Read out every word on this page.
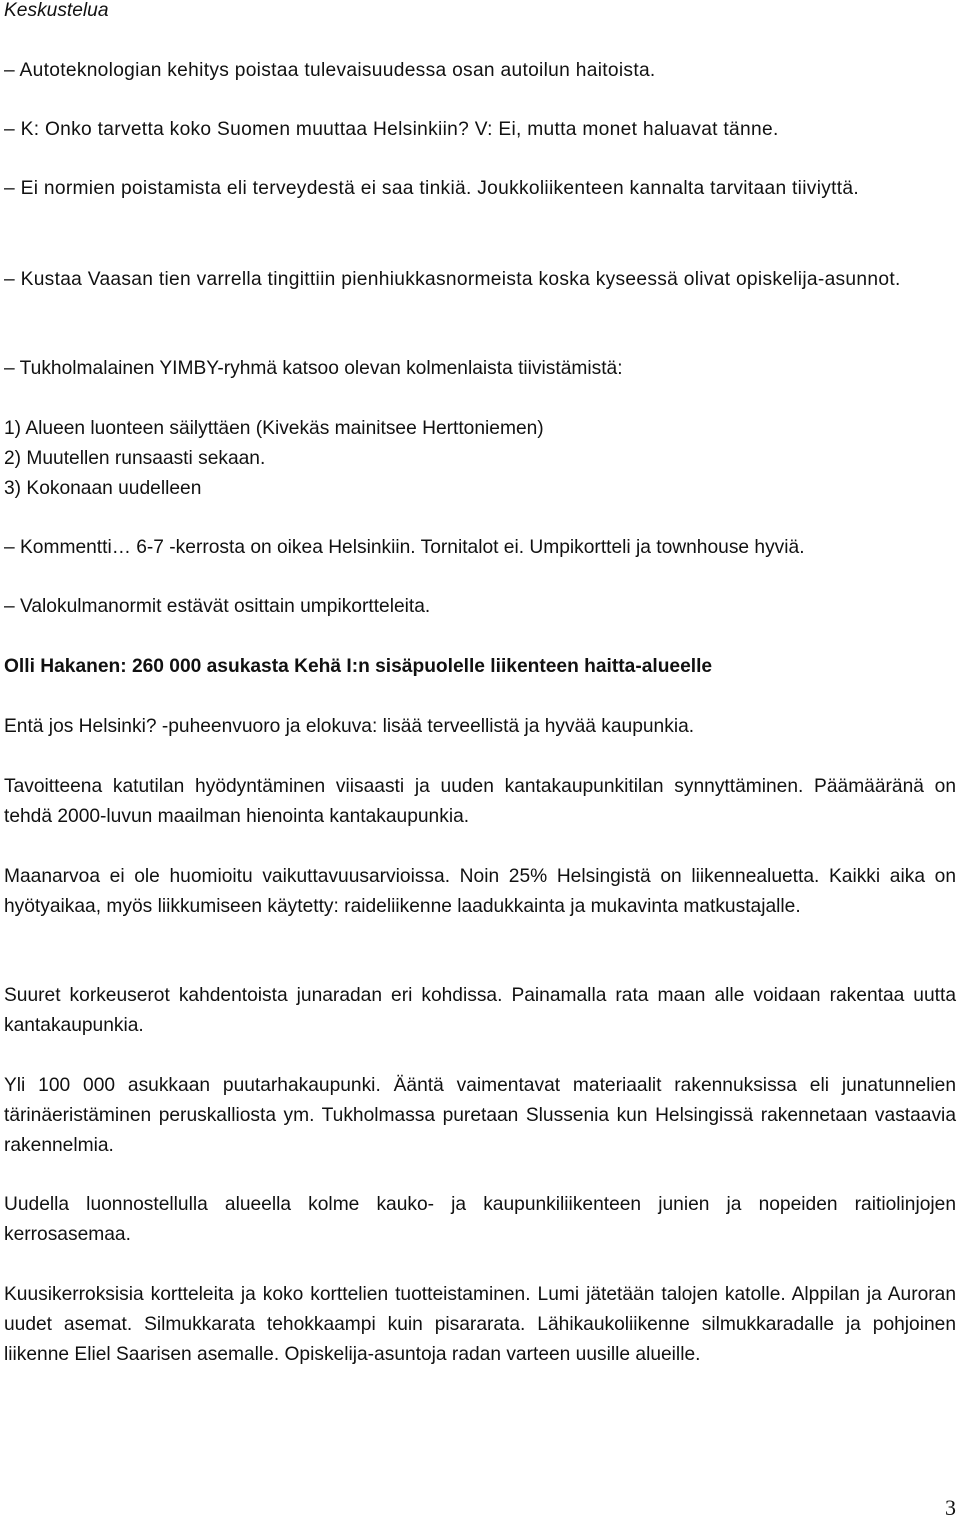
Keskustelua
– Autoteknologian kehitys poistaa tulevaisuudessa osan autoilun haitoista.
– K: Onko tarvetta koko Suomen muuttaa Helsinkiin? V: Ei, mutta monet haluavat tänne.
– Ei normien poistamista eli terveydestä ei saa tinkiä. Joukkoliikenteen kannalta tarvitaan tiiviyttä.
– Kustaa Vaasan tien varrella tingittiin pienhiukkasnormeista koska kyseessä olivat opiskelija-asunnot.
– Tukholmalainen YIMBY-ryhmä katsoo olevan kolmenlaista tiivistämistä:
1) Alueen luonteen säilyttäen (Kivekäs mainitsee Herttoniemen)
2) Muutellen runsaasti sekaan.
3) Kokonaan uudelleen
– Kommentti… 6-7 -kerrosta on oikea Helsinkiin. Tornitalot ei. Umpikortteli ja townhouse hyviä.
– Valokulmanormit estävät osittain umpikortteleita.
Olli Hakanen: 260 000 asukasta Kehä I:n sisäpuolelle liikenteen haitta-alueelle
Entä jos Helsinki? -puheenvuoro ja elokuva: lisää terveellistä ja hyvää kaupunkia.
Tavoitteena katutilan hyödyntäminen viisaasti ja uuden kantakaupunkitilan synnyttäminen. Päämääränä on tehdä 2000-luvun maailman hienointa kantakaupunkia.
Maanarvoa ei ole huomioitu vaikuttavuusarvioissa. Noin 25% Helsingistä on liikennealuetta. Kaikki aika on hyötyaikaa, myös liikkumiseen käytetty: raideliikenne laadukkainta ja mukavinta matkustajalle.
Suuret korkeuserot kahdentoista junaradan eri kohdissa. Painamalla rata maan alle voidaan rakentaa uutta kantakaupunkia.
Yli 100 000 asukkaan puutarhakaupunki. Ääntä vaimentavat materiaalit rakennuksissa eli junatunnelien tärinäeristäminen peruskalliosta ym. Tukholmassa puretaan Slussenia kun Helsingissä rakennetaan vastaavia rakennelmia.
Uudella luonnostellulla alueella kolme kauko- ja kaupunkiliikenteen junien ja nopeiden raitiolinjojen kerrosasemaa.
Kuusikerroksisia kortteleita ja koko korttelien tuotteistaminen. Lumi jätetään talojen katolle. Alppilan ja Auroran uudet asemat. Silmukkarata tehokkaampi kuin pisararata. Lähikaukoliikenne silmukkaradalle ja pohjoinen liikenne Eliel Saarisen asemalle. Opiskelija-asuntoja radan varteen uusille alueille.
3
